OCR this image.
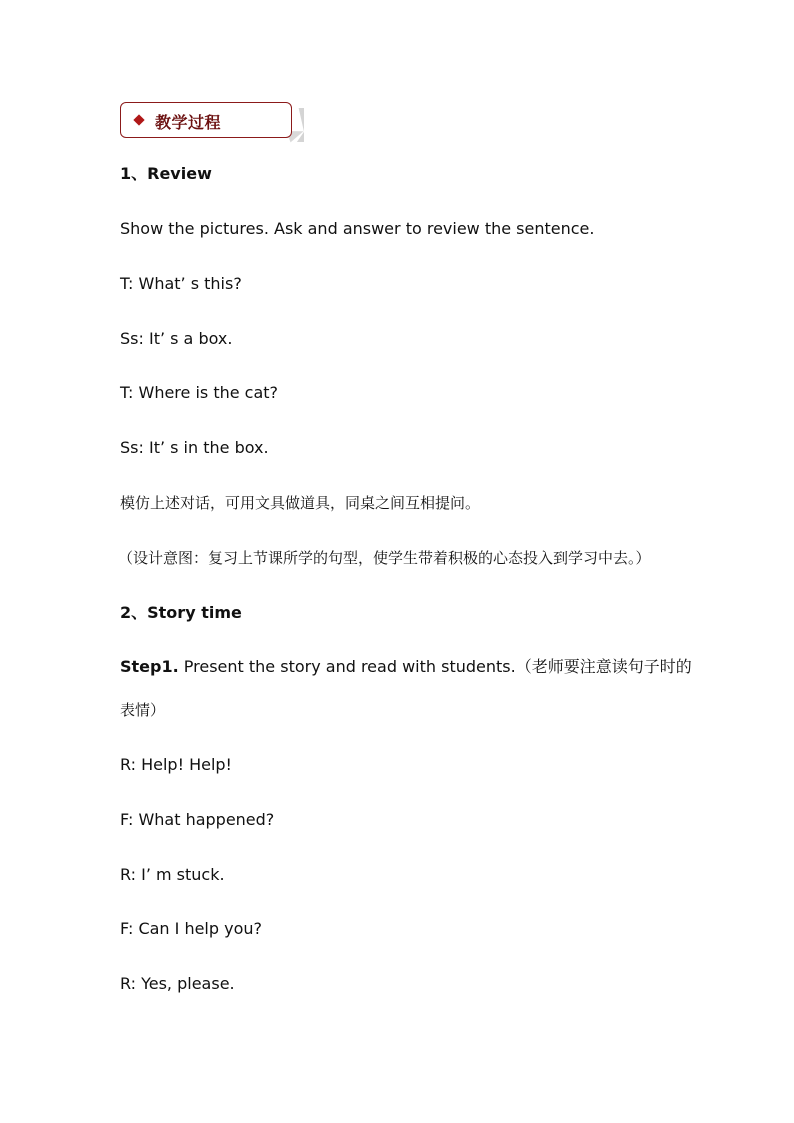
教学过程
1、Review
Show the pictures. Ask and answer to review the sentence.
T: What’ s this?
Ss: It’ s a box.
T: Where is the cat?
Ss: It’ s in the box.
模仿上述对话，可用文具做道具，同桌之间互相提问。
（设计意图：复习上节课所学的句型，使学生带着积极的心态投入到学习中去。）
2、Story time
Step1. Present the story and read with students.（老师要注意读句子时的
表情）
R: Help! Help!
F: What happened?
R: I’ m stuck.
F: Can I help you?
R: Yes, please.
